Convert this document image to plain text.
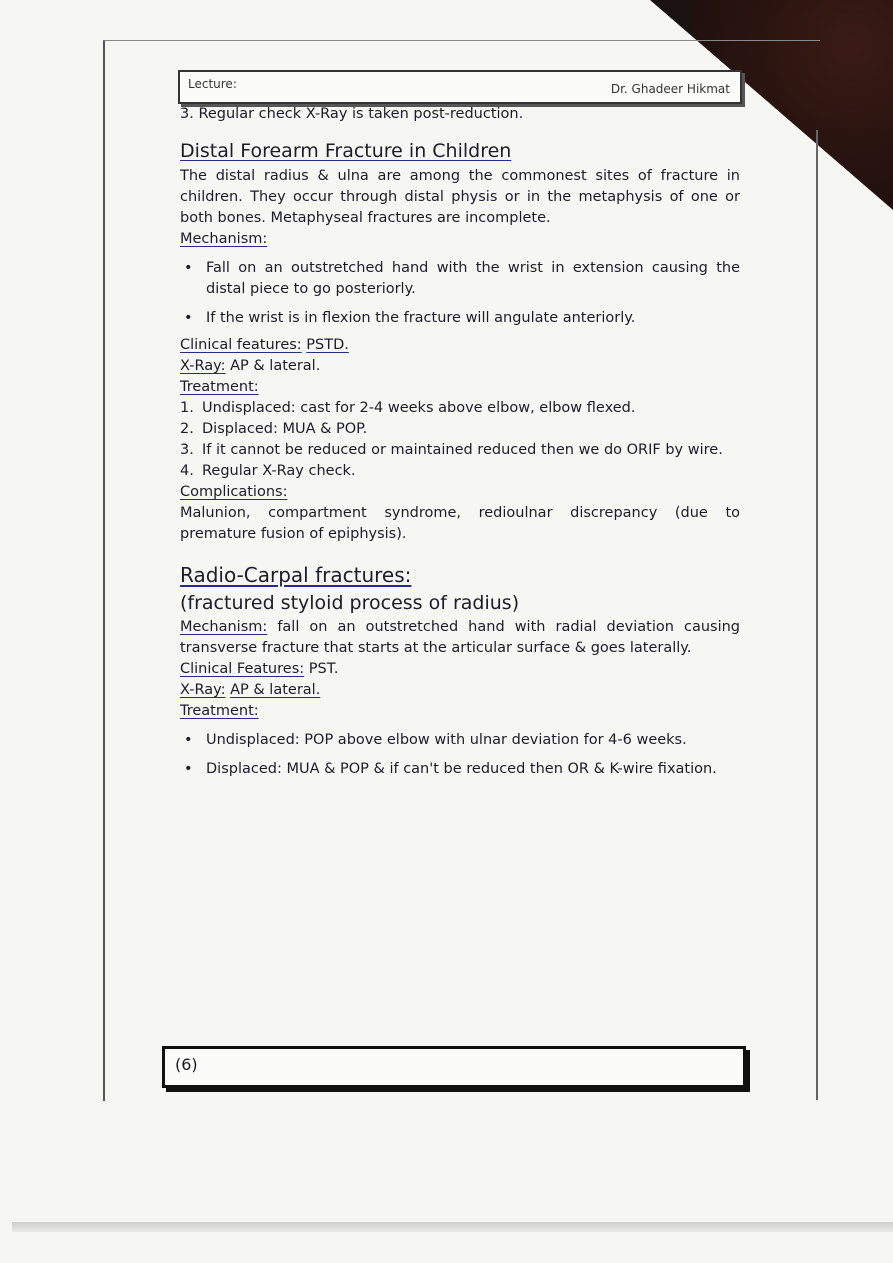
Lecture:	Dr. Ghadeer Hikmat

3. Regular check X-Ray is taken post-reduction.

Distal Forearm Fracture in Children

The distal radius & ulna are among the commonest sites of fracture in children. They occur through distal physis or in the metaphysis of one or both bones. Metaphyseal fractures are incomplete.

Mechanism:

• Fall on an outstretched hand with the wrist in extension causing the distal piece to go posteriorly.
• If the wrist is in flexion the fracture will angulate anteriorly.

Clinical features: PSTD.

X-Ray: AP & lateral.

Treatment:

1. Undisplaced: cast for 2-4 weeks above elbow, elbow flexed.
2. Displaced: MUA & POP.
3. If it cannot be reduced or maintained reduced then we do ORIF by wire.
4. Regular X-Ray check.

Complications:

Malunion, compartment syndrome, redioulnar discrepancy (due to premature fusion of epiphysis).

Radio-Carpal fractures:

(fractured styloid process of radius)

Mechanism: fall on an outstretched hand with radial deviation causing transverse fracture that starts at the articular surface & goes laterally.

Clinical Features: PST.

X-Ray: AP & lateral.

Treatment:

• Undisplaced: POP above elbow with ulnar deviation for 4-6 weeks.
• Displaced: MUA & POP & if can't be reduced then OR & K-wire fixation.
(6)
